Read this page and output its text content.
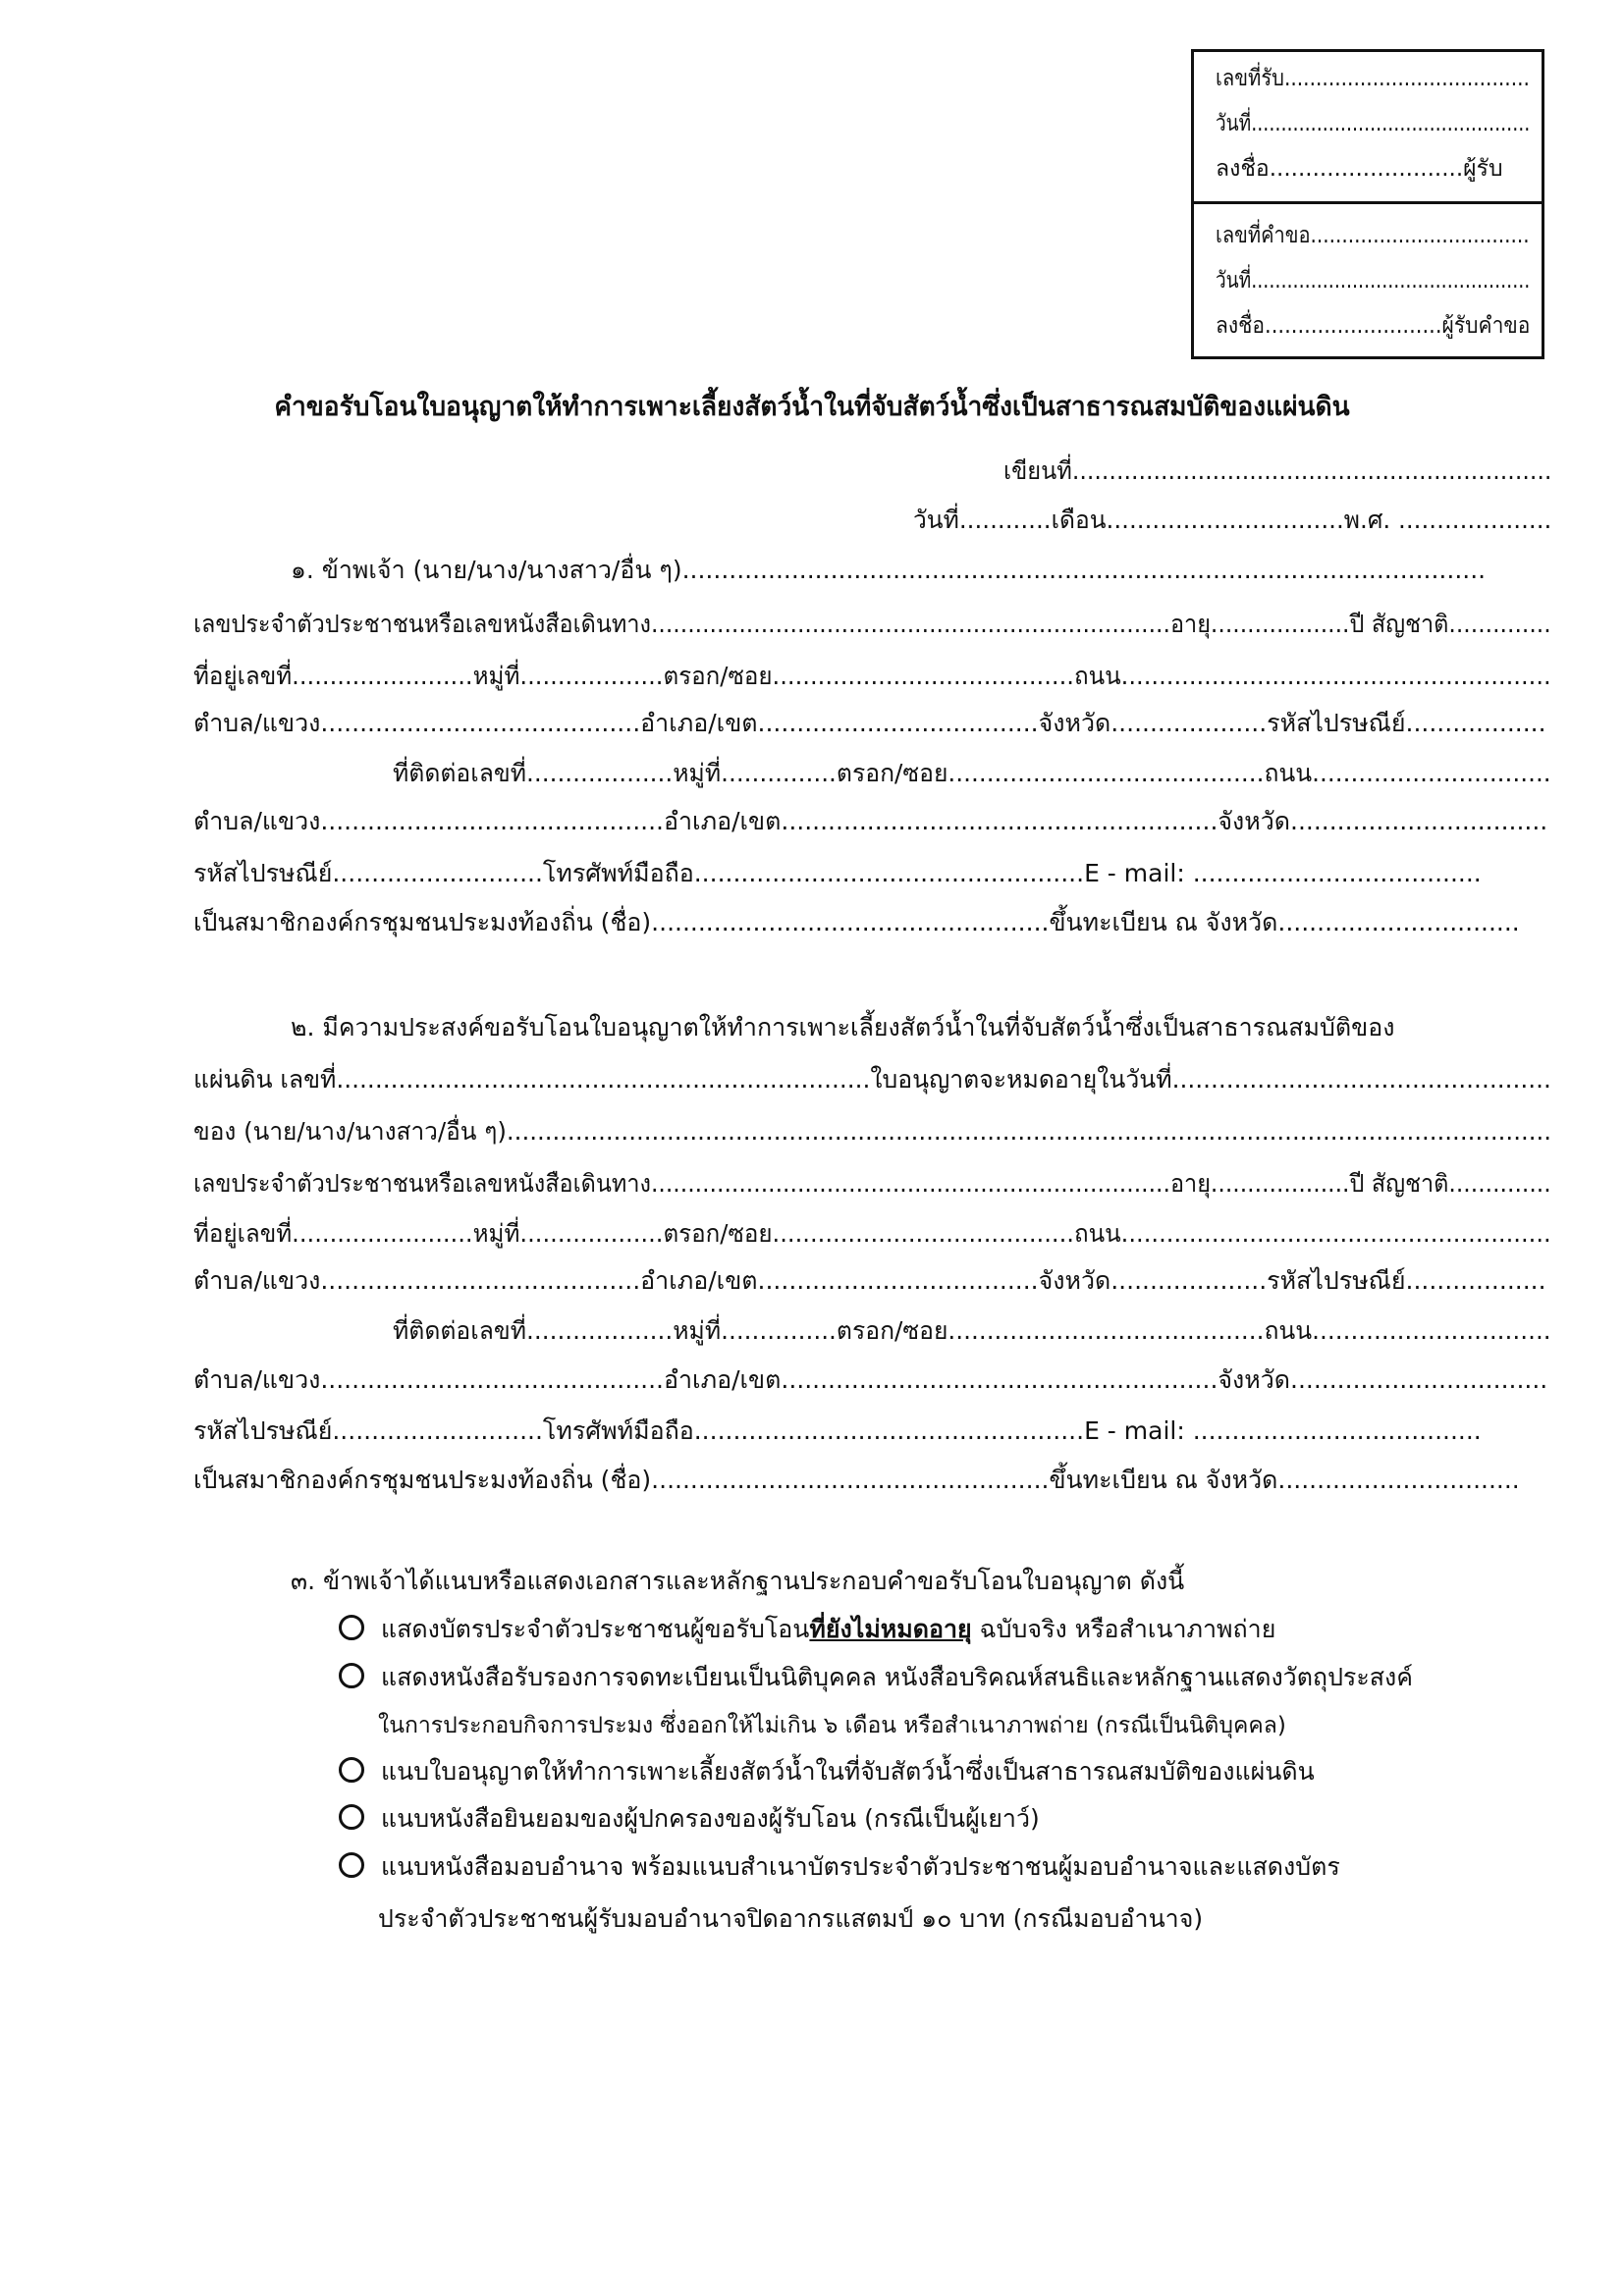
เลขที่รับ.......................................
วันที่...............................................
ลงชื่อ...........................ผู้รับ
เลขที่คำขอ...................................
วันที่...............................................
ลงชื่อ...........................ผู้รับคำขอ
คำขอรับโอนใบอนุญาตให้ทำการเพาะเลี้ยงสัตว์น้ำในที่จับสัตว์น้ำซึ่งเป็นสาธารณสมบัติของแผ่นดิน
เขียนที่.................................................................
วันที่............เดือน...............................พ.ศ. ....................
๑. ข้าพเจ้า (นาย/นาง/นางสาว/อื่น ๆ).......................................................................................................
เลขประจำตัวประชาชนหรือเลขหนังสือเดินทาง.......................................................................อายุ...................ปี สัญชาติ..............
ที่อยู่เลขที่........................หมู่ที่...................ตรอก/ซอย........................................ถนน.........................................................
ตำบล/แขวง.........................................อำเภอ/เขต....................................จังหวัด....................รหัสไปรษณีย์..................
ที่ติดต่อเลขที่...................หมู่ที่...............ตรอก/ซอย.........................................ถนน...............................
ตำบล/แขวง............................................อำเภอ/เขต........................................................จังหวัด.................................
รหัสไปรษณีย์...........................โทรศัพท์มือถือ..................................................E - mail: .....................................
เป็นสมาชิกองค์กรชุมชนประมงท้องถิ่น (ชื่อ)...................................................ขึ้นทะเบียน ณ จังหวัด...............................
๒. มีความประสงค์ขอรับโอนใบอนุญาตให้ทำการเพาะเลี้ยงสัตว์น้ำในที่จับสัตว์น้ำซึ่งเป็นสาธารณสมบัติของ
แผ่นดิน เลขที่.....................................................................ใบอนุญาตจะหมดอายุในวันที่.................................................
ของ (นาย/นาง/นางสาว/อื่น ๆ).........................................................................................................................................
เลขประจำตัวประชาชนหรือเลขหนังสือเดินทาง.......................................................................อายุ...................ปี สัญชาติ..............
ที่อยู่เลขที่........................หมู่ที่...................ตรอก/ซอย........................................ถนน.........................................................
ตำบล/แขวง.........................................อำเภอ/เขต....................................จังหวัด....................รหัสไปรษณีย์..................
ที่ติดต่อเลขที่...................หมู่ที่...............ตรอก/ซอย.........................................ถนน...............................
ตำบล/แขวง............................................อำเภอ/เขต........................................................จังหวัด.................................
รหัสไปรษณีย์...........................โทรศัพท์มือถือ..................................................E - mail: .....................................
เป็นสมาชิกองค์กรชุมชนประมงท้องถิ่น (ชื่อ)...................................................ขึ้นทะเบียน ณ จังหวัด...............................
๓. ข้าพเจ้าได้แนบหรือแสดงเอกสารและหลักฐานประกอบคำขอรับโอนใบอนุญาต ดังนี้
แสดงบัตรประจำตัวประชาชนผู้ขอรับโอนที่ยังไม่หมดอายุ ฉบับจริง หรือสำเนาภาพถ่าย
แสดงหนังสือรับรองการจดทะเบียนเป็นนิติบุคคล หนังสือบริคณห์สนธิและหลักฐานแสดงวัตถุประสงค์
ในการประกอบกิจการประมง ซึ่งออกให้ไม่เกิน ๖ เดือน หรือสำเนาภาพถ่าย (กรณีเป็นนิติบุคคล)
แนบใบอนุญาตให้ทำการเพาะเลี้ยงสัตว์น้ำในที่จับสัตว์น้ำซึ่งเป็นสาธารณสมบัติของแผ่นดิน
แนบหนังสือยินยอมของผู้ปกครองของผู้รับโอน (กรณีเป็นผู้เยาว์)
แนบหนังสือมอบอำนาจ พร้อมแนบสำเนาบัตรประจำตัวประชาชนผู้มอบอำนาจและแสดงบัตร
ประจำตัวประชาชนผู้รับมอบอำนาจปิดอากรแสตมป์ ๑๐ บาท (กรณีมอบอำนาจ)
